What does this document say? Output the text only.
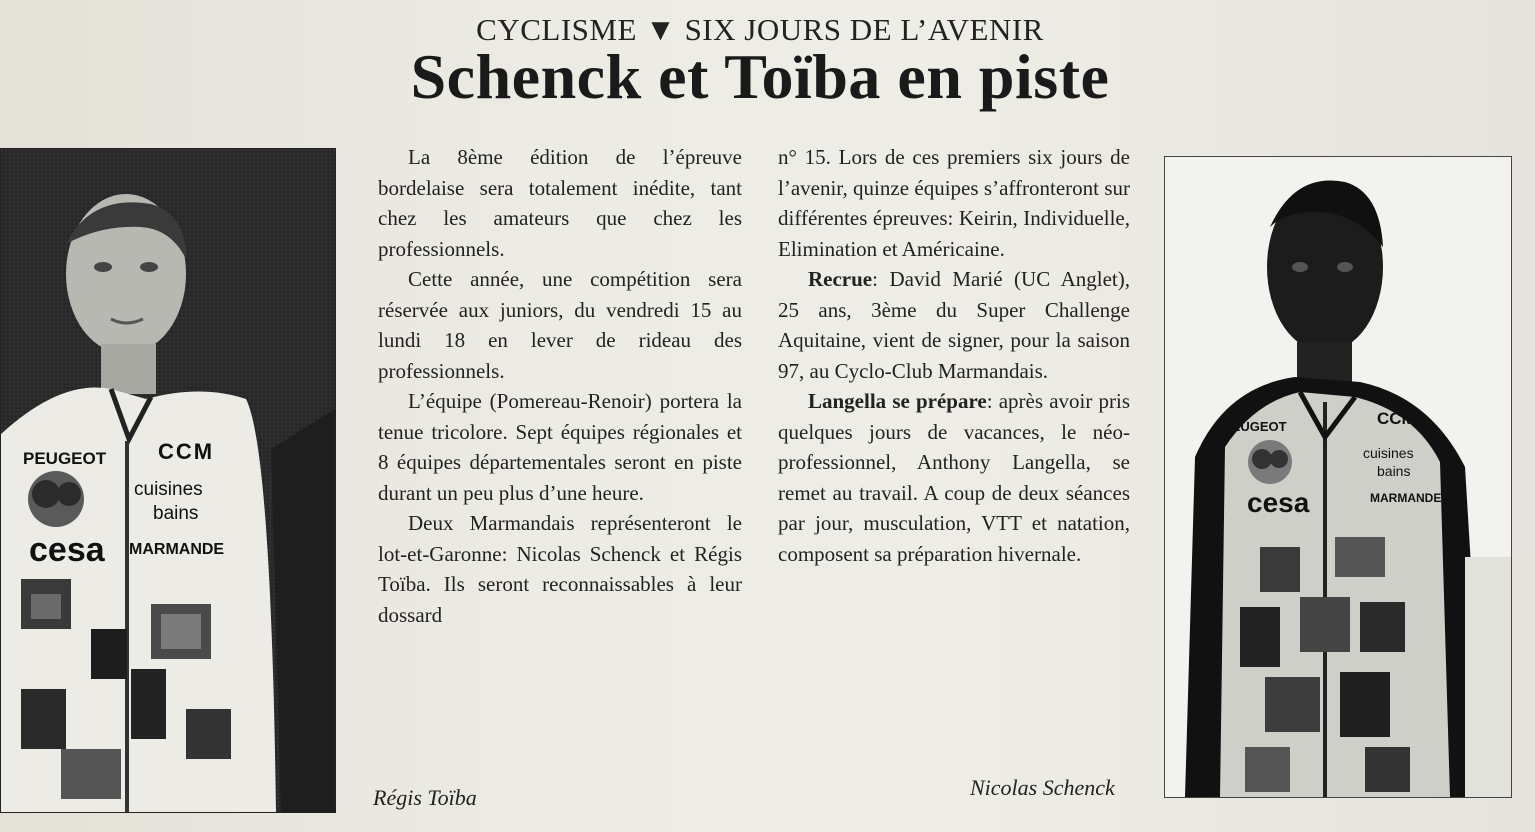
CYCLISME ▼ SIX JOURS DE L’AVENIR
Schenck et Toïba en piste
PEUGEOT CCM
cuisines
bains
cesa MARMANDE

La 8ème édition de l’épreuve bordelaise sera totalement inédite, tant chez les amateurs que chez les professionnels.

Cette année, une compétition sera réservée aux juniors, du vendredi 15 au lundi 18 en lever de rideau des professionnels.

L’équipe (Pomereau-Renoir) portera la tenue tricolore. Sept équipes régionales et 8 équipes départementales seront en piste durant un peu plus d’une heure.

Deux Marmandais représenteront le lot-et-Garonne: Nicolas Schenck et Régis Toïba. Ils seront reconnaissables à leur dossard

n° 15. Lors de ces premiers six jours de l’avenir, quinze équipes s’affronteront sur différentes épreuves: Keirin, Individuelle, Elimination et Américaine.

Recrue: David Marié (UC Anglet), 25 ans, 3ème du Super Challenge Aquitaine, vient de signer, pour la saison 97, au Cyclo-Club Marmandais.

Langella se prépare: après avoir pris quelques jours de vacances, le néo-professionnel, Anthony Langella, se remet au travail. A coup de deux séances par jour, musculation, VTT et natation, composent sa préparation hivernale.

PEUGEOT	CCM
cuisines
bains
cesa	MARMANDE
Régis Toïba	Nicolas Schenck
